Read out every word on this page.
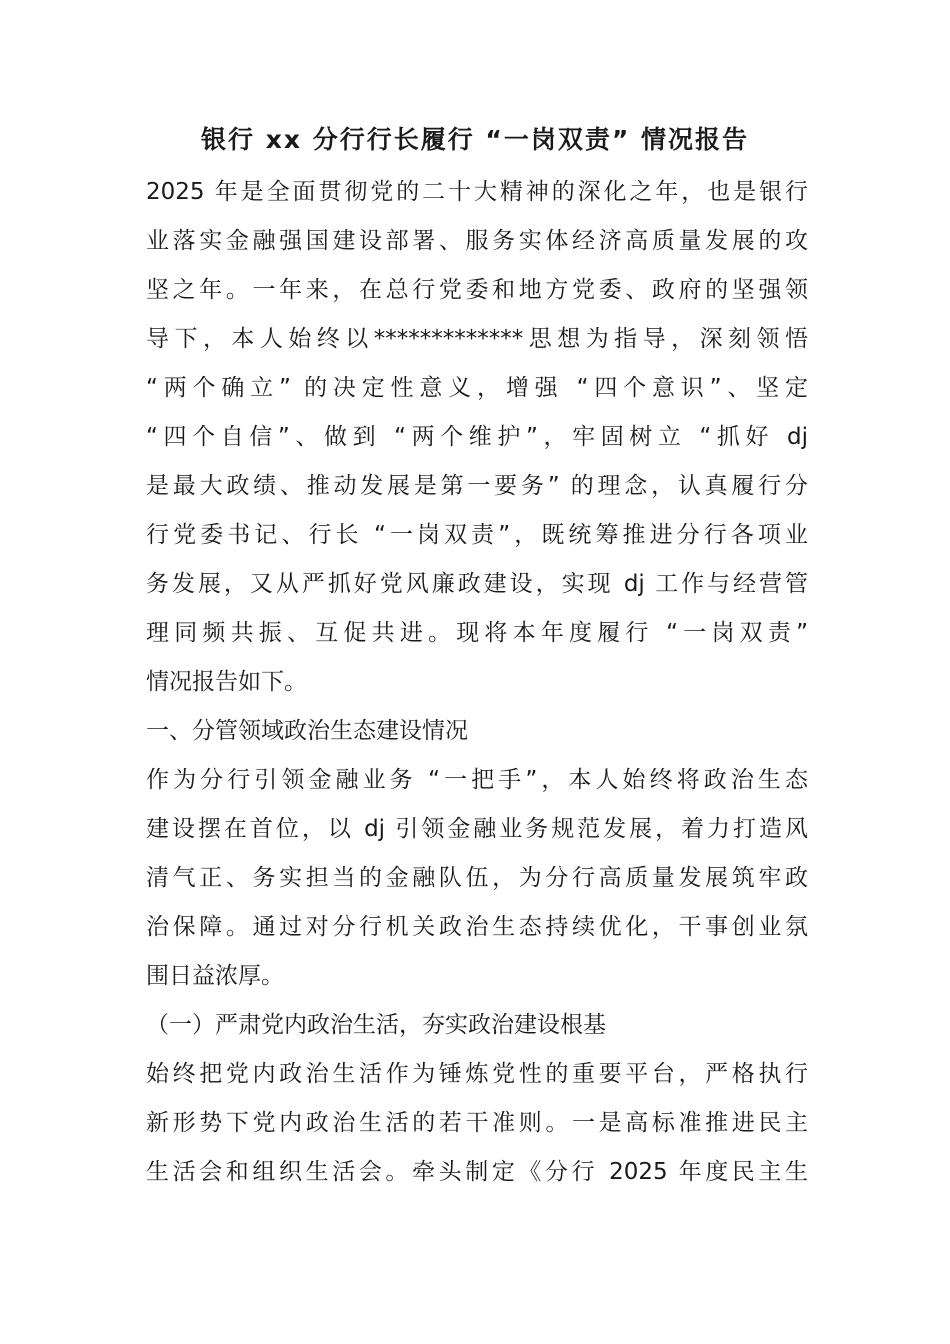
银行 xx 分行行长履行 “一岗双责” 情况报告
2025 年是全面贯彻党的二十大精神的深化之年，也是银行
业落实金融强国建设部署、服务实体经济高质量发展的攻
坚之年。一年来，在总行党委和地方党委、政府的坚强领
导下，本人始终以*************思想为指导，深刻领悟
“两个确立” 的决定性意义，增强 “四个意识”、坚定
“四个自信”、做到 “两个维护”，牢固树立 “抓好 dj
是最大政绩、推动发展是第一要务” 的理念，认真履行分
行党委书记、行长 “一岗双责”，既统筹推进分行各项业
务发展，又从严抓好党风廉政建设，实现 dj 工作与经营管
理同频共振、互促共进。现将本年度履行 “一岗双责”
情况报告如下。
一、分管领域政治生态建设情况
作为分行引领金融业务 “一把手”，本人始终将政治生态
建设摆在首位，以 dj 引领金融业务规范发展，着力打造风
清气正、务实担当的金融队伍，为分行高质量发展筑牢政
治保障。通过对分行机关政治生态持续优化，干事创业氛
围日益浓厚。
（一）严肃党内政治生活，夯实政治建设根基
始终把党内政治生活作为锤炼党性的重要平台，严格执行
新形势下党内政治生活的若干准则。一是高标准推进民主
生活会和组织生活会。牵头制定《分行 2025 年度民主生
